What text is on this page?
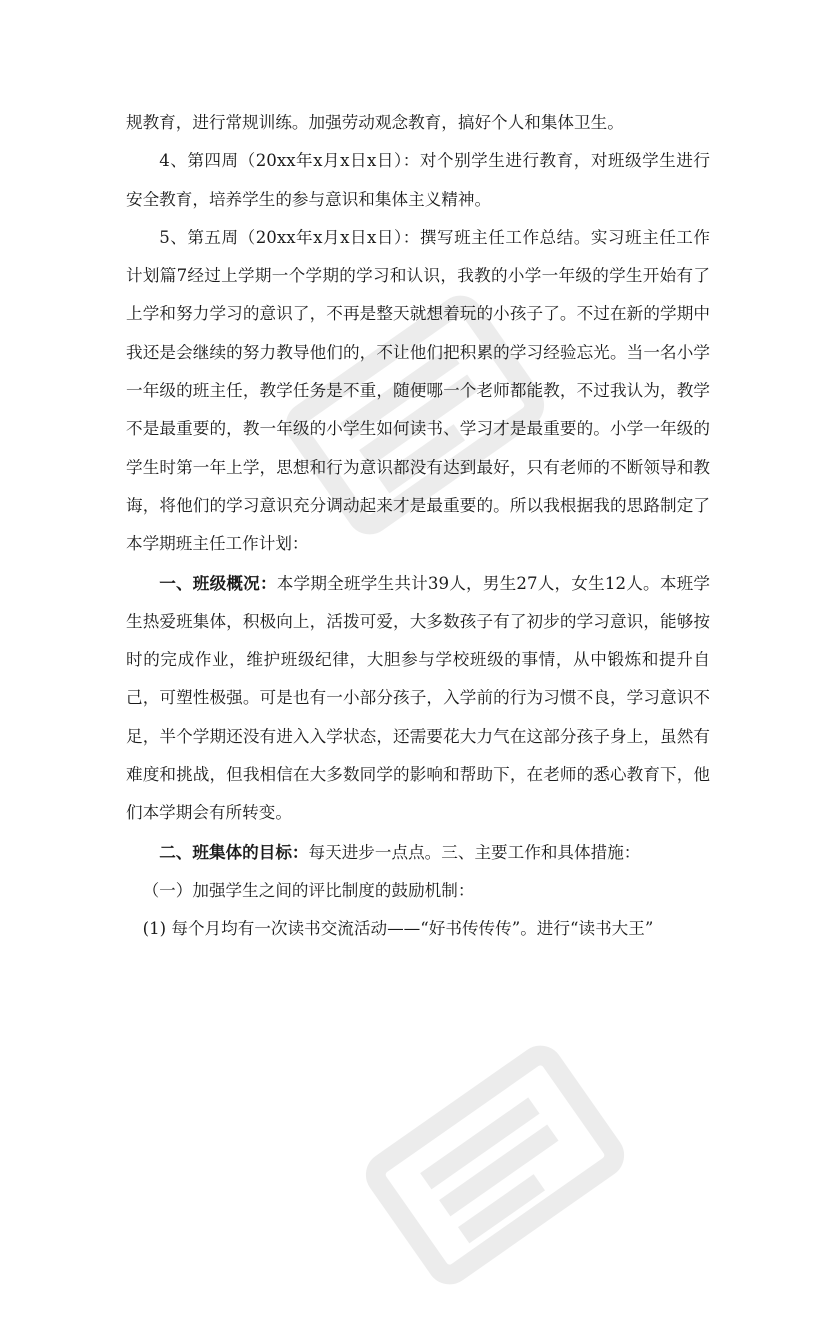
规教育，进行常规训练。加强劳动观念教育，搞好个人和集体卫生。

4、第四周（20xx年x月x日x日）：对个别学生进行教育，对班级学生进行安全教育，培养学生的参与意识和集体主义精神。

5、第五周（20xx年x月x日x日）：撰写班主任工作总结。实习班主任工作计划篇7经过上学期一个学期的学习和认识，我教的小学一年级的学生开始有了上学和努力学习的意识了，不再是整天就想着玩的小孩子了。不过在新的学期中我还是会继续的努力教导他们的，不让他们把积累的学习经验忘光。当一名小学一年级的班主任，教学任务是不重，随便哪一个老师都能教，不过我认为，教学不是最重要的，教一年级的小学生如何读书、学习才是最重要的。小学一年级的学生时第一年上学，思想和行为意识都没有达到最好，只有老师的不断领导和教诲，将他们的学习意识充分调动起来才是最重要的。所以我根据我的思路制定了本学期班主任工作计划：

一、班级概况：本学期全班学生共计39人，男生27人，女生12人。本班学生热爱班集体，积极向上，活拨可爱，大多数孩子有了初步的学习意识，能够按时的完成作业，维护班级纪律，大胆参与学校班级的事情，从中锻炼和提升自己，可塑性极强。可是也有一小部分孩子，入学前的行为习惯不良，学习意识不足，半个学期还没有进入入学状态，还需要花大力气在这部分孩子身上，虽然有难度和挑战，但我相信在大多数同学的影响和帮助下，在老师的悉心教育下，他们本学期会有所转变。

二、班集体的目标：每天进步一点点。三、主要工作和具体措施：

（一）加强学生之间的评比制度的鼓励机制：

(1) 每个月均有一次读书交流活动——“好书传传传”。进行“读书大王”
